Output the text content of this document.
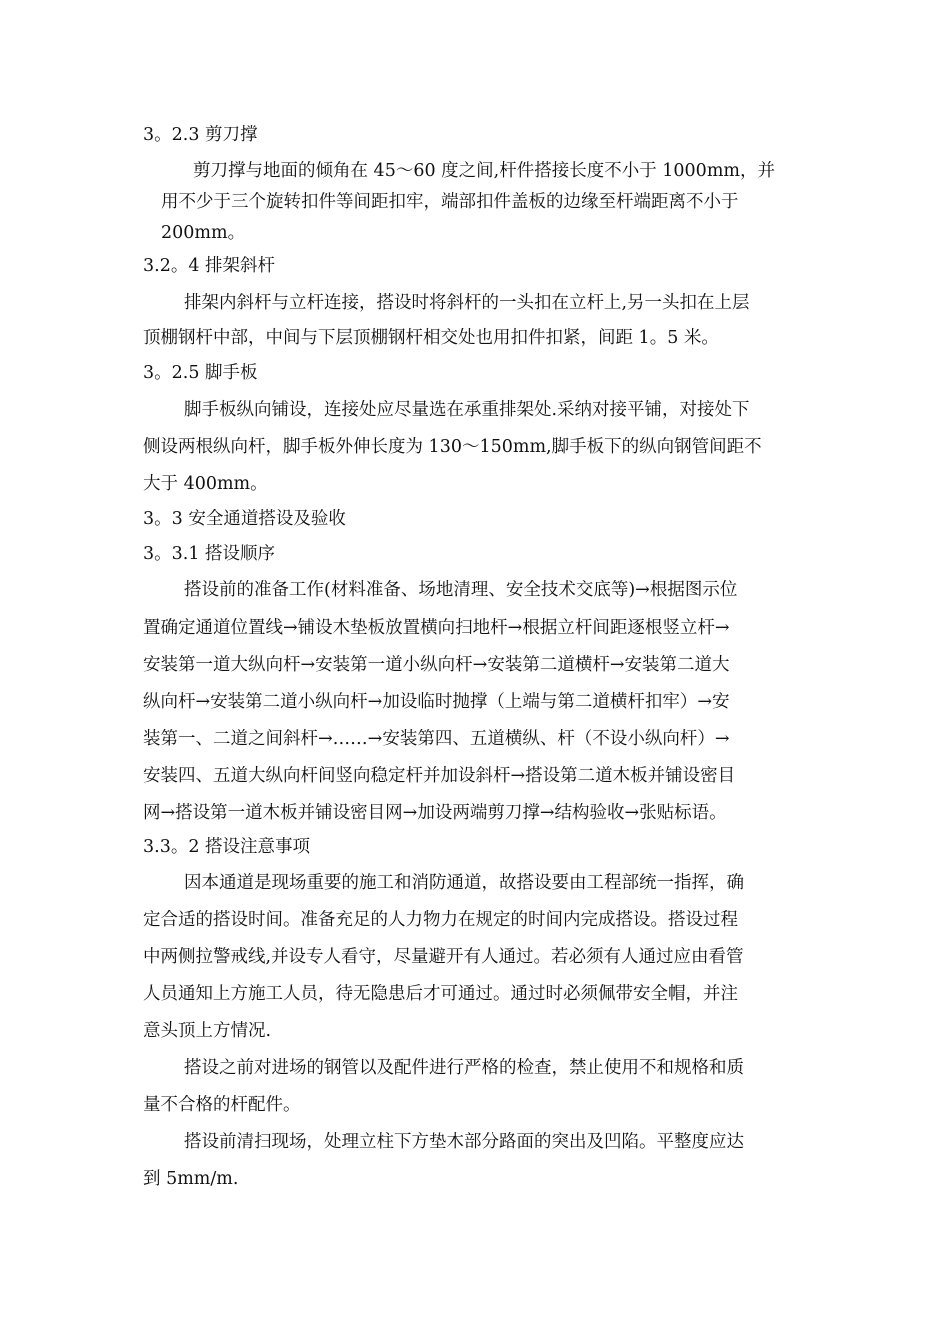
3。2.3 剪刀撑
剪刀撑与地面的倾角在 45～60 度之间,杆件搭接长度不小于 1000mm，并
用不少于三个旋转扣件等间距扣牢，端部扣件盖板的边缘至杆端距离不小于
200mm。
3.2。4 排架斜杆
排架内斜杆与立杆连接，搭设时将斜杆的一头扣在立杆上,另一头扣在上层
顶棚钢杆中部，中间与下层顶棚钢杆相交处也用扣件扣紧，间距 1。5 米。
3。2.5 脚手板
脚手板纵向铺设，连接处应尽量选在承重排架处.采纳对接平铺，对接处下
侧设两根纵向杆，脚手板外伸长度为 130～150mm,脚手板下的纵向钢管间距不
大于 400mm。
3。3 安全通道搭设及验收
3。3.1 搭设顺序
搭设前的准备工作(材料准备、场地清理、安全技术交底等)→根据图示位
置确定通道位置线→铺设木垫板放置横向扫地杆→根据立杆间距逐根竖立杆→
安装第一道大纵向杆→安装第一道小纵向杆→安装第二道横杆→安装第二道大
纵向杆→安装第二道小纵向杆→加设临时抛撑（上端与第二道横杆扣牢）→安
装第一、二道之间斜杆→……→安装第四、五道横纵、杆（不设小纵向杆）→
安装四、五道大纵向杆间竖向稳定杆并加设斜杆→搭设第二道木板并铺设密目
网→搭设第一道木板并铺设密目网→加设两端剪刀撑→结构验收→张贴标语。
3.3。2 搭设注意事项
因本通道是现场重要的施工和消防通道，故搭设要由工程部统一指挥，确
定合适的搭设时间。准备充足的人力物力在规定的时间内完成搭设。搭设过程
中两侧拉警戒线,并设专人看守，尽量避开有人通过。若必须有人通过应由看管
人员通知上方施工人员，待无隐患后才可通过。通过时必须佩带安全帽，并注
意头顶上方情况.
搭设之前对进场的钢管以及配件进行严格的检查，禁止使用不和规格和质
量不合格的杆配件。
搭设前清扫现场，处理立柱下方垫木部分路面的突出及凹陷。平整度应达
到 5mm/m.
